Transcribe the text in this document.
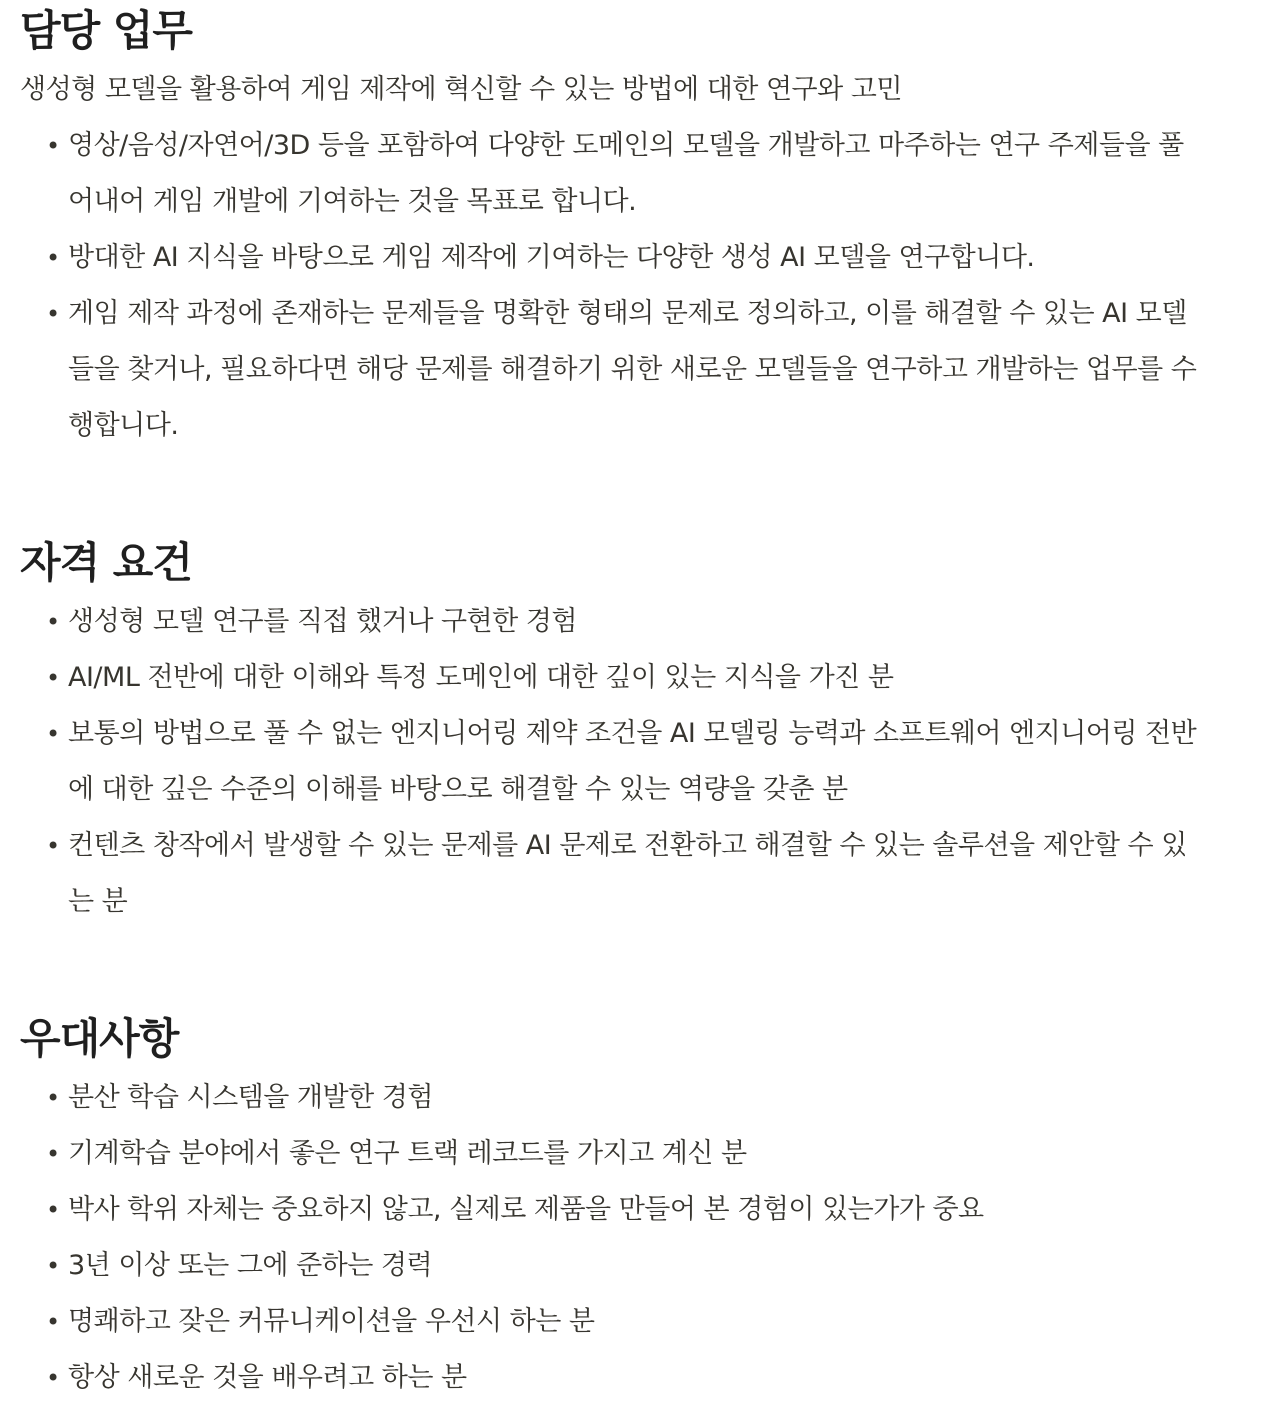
담당 업무

생성형 모델을 활용하여 게임 제작에 혁신할 수 있는 방법에 대한 연구와 고민

• 영상/음성/자연어/3D 등을 포함하여 다양한 도메인의 모델을 개발하고 마주하는 연구 주제들을 풀어내어 게임 개발에 기여하는 것을 목표로 합니다.
• 방대한 AI 지식을 바탕으로 게임 제작에 기여하는 다양한 생성 AI 모델을 연구합니다.
• 게임 제작 과정에 존재하는 문제들을 명확한 형태의 문제로 정의하고, 이를 해결할 수 있는 AI 모델들을 찾거나, 필요하다면 해당 문제를 해결하기 위한 새로운 모델들을 연구하고 개발하는 업무를 수행합니다.
자격 요건
• 생성형 모델 연구를 직접 했거나 구현한 경험
• AI/ML 전반에 대한 이해와 특정 도메인에 대한 깊이 있는 지식을 가진 분
• 보통의 방법으로 풀 수 없는 엔지니어링 제약 조건을 AI 모델링 능력과 소프트웨어 엔지니어링 전반에 대한 깊은 수준의 이해를 바탕으로 해결할 수 있는 역량을 갖춘 분
• 컨텐츠 창작에서 발생할 수 있는 문제를 AI 문제로 전환하고 해결할 수 있는 솔루션을 제안할 수 있는 분
우대사항
• 분산 학습 시스템을 개발한 경험
• 기계학습 분야에서 좋은 연구 트랙 레코드를 가지고 계신 분
• 박사 학위 자체는 중요하지 않고, 실제로 제품을 만들어 본 경험이 있는가가 중요
• 3년 이상 또는 그에 준하는 경력
• 명쾌하고 잦은 커뮤니케이션을 우선시 하는 분
• 항상 새로운 것을 배우려고 하는 분
